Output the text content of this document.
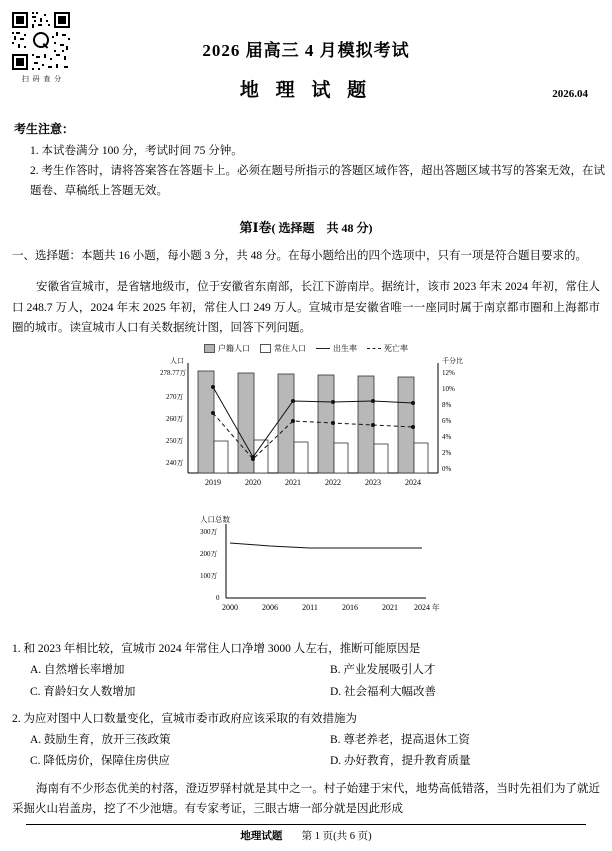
扫 码 查 分
2026 届高三 4 月模拟考试
地 理 试 题	2026.04
考生注意：
1. 本试卷满分 100 分，考试时间 75 分钟。
2. 考生作答时，请将答案答在答题卡上。必须在题号所指示的答题区域作答，超出答题区域书写的答案无效，在试题卷、草稿纸上答题无效。
第Ⅰ卷( 选择题　共 48 分)
一、选择题：本题共 16 小题，每小题 3 分，共 48 分。在每小题给出的四个选项中，只有一项是符合题目要求的。
安徽省宣城市，是省辖地级市，位于安徽省东南部，长江下游南岸。据统计，该市 2023 年末 2024 年初，常住人口 248.7 万人，2024 年末 2025 年初，常住人口 249 万人。宣城市是安徽省唯一一座同时属于南京都市圈和上海都市圈的城市。读宣城市人口有关数据统计图，回答下列问题。
户籍人口	常住人口	出生率	死亡率
人口	千分比
278.77万
270万
260万
250万
240万
12%
10%
8%
6%
4%
2%
0%
2019	2020	2021	2022	2023	2024
人口总数
300万
200万
100万
0
2000	2006	2011	2016	2021 2024 年
1. 和 2023 年相比较，宣城市 2024 年常住人口净增 3000 人左右，推断可能原因是
A. 自然增长率增加	B. 产业发展吸引人才
C. 育龄妇女人数增加	D. 社会福利大幅改善
2. 为应对图中人口数量变化，宣城市委市政府应该采取的有效措施为
A. 鼓励生育，放开三孩政策	B. 尊老养老，提高退休工资
C. 降低房价，保障住房供应	D. 办好教育，提升教育质量
海南有不少形态优美的村落，澄迈罗驿村就是其中之一。村子始建于宋代，地势高低错落，当时先祖们为了就近采掘火山岩盖房，挖了不少池塘。有专家考证，三眼古塘一部分就是因此形成
地理试题 第 1 页(共 6 页)
